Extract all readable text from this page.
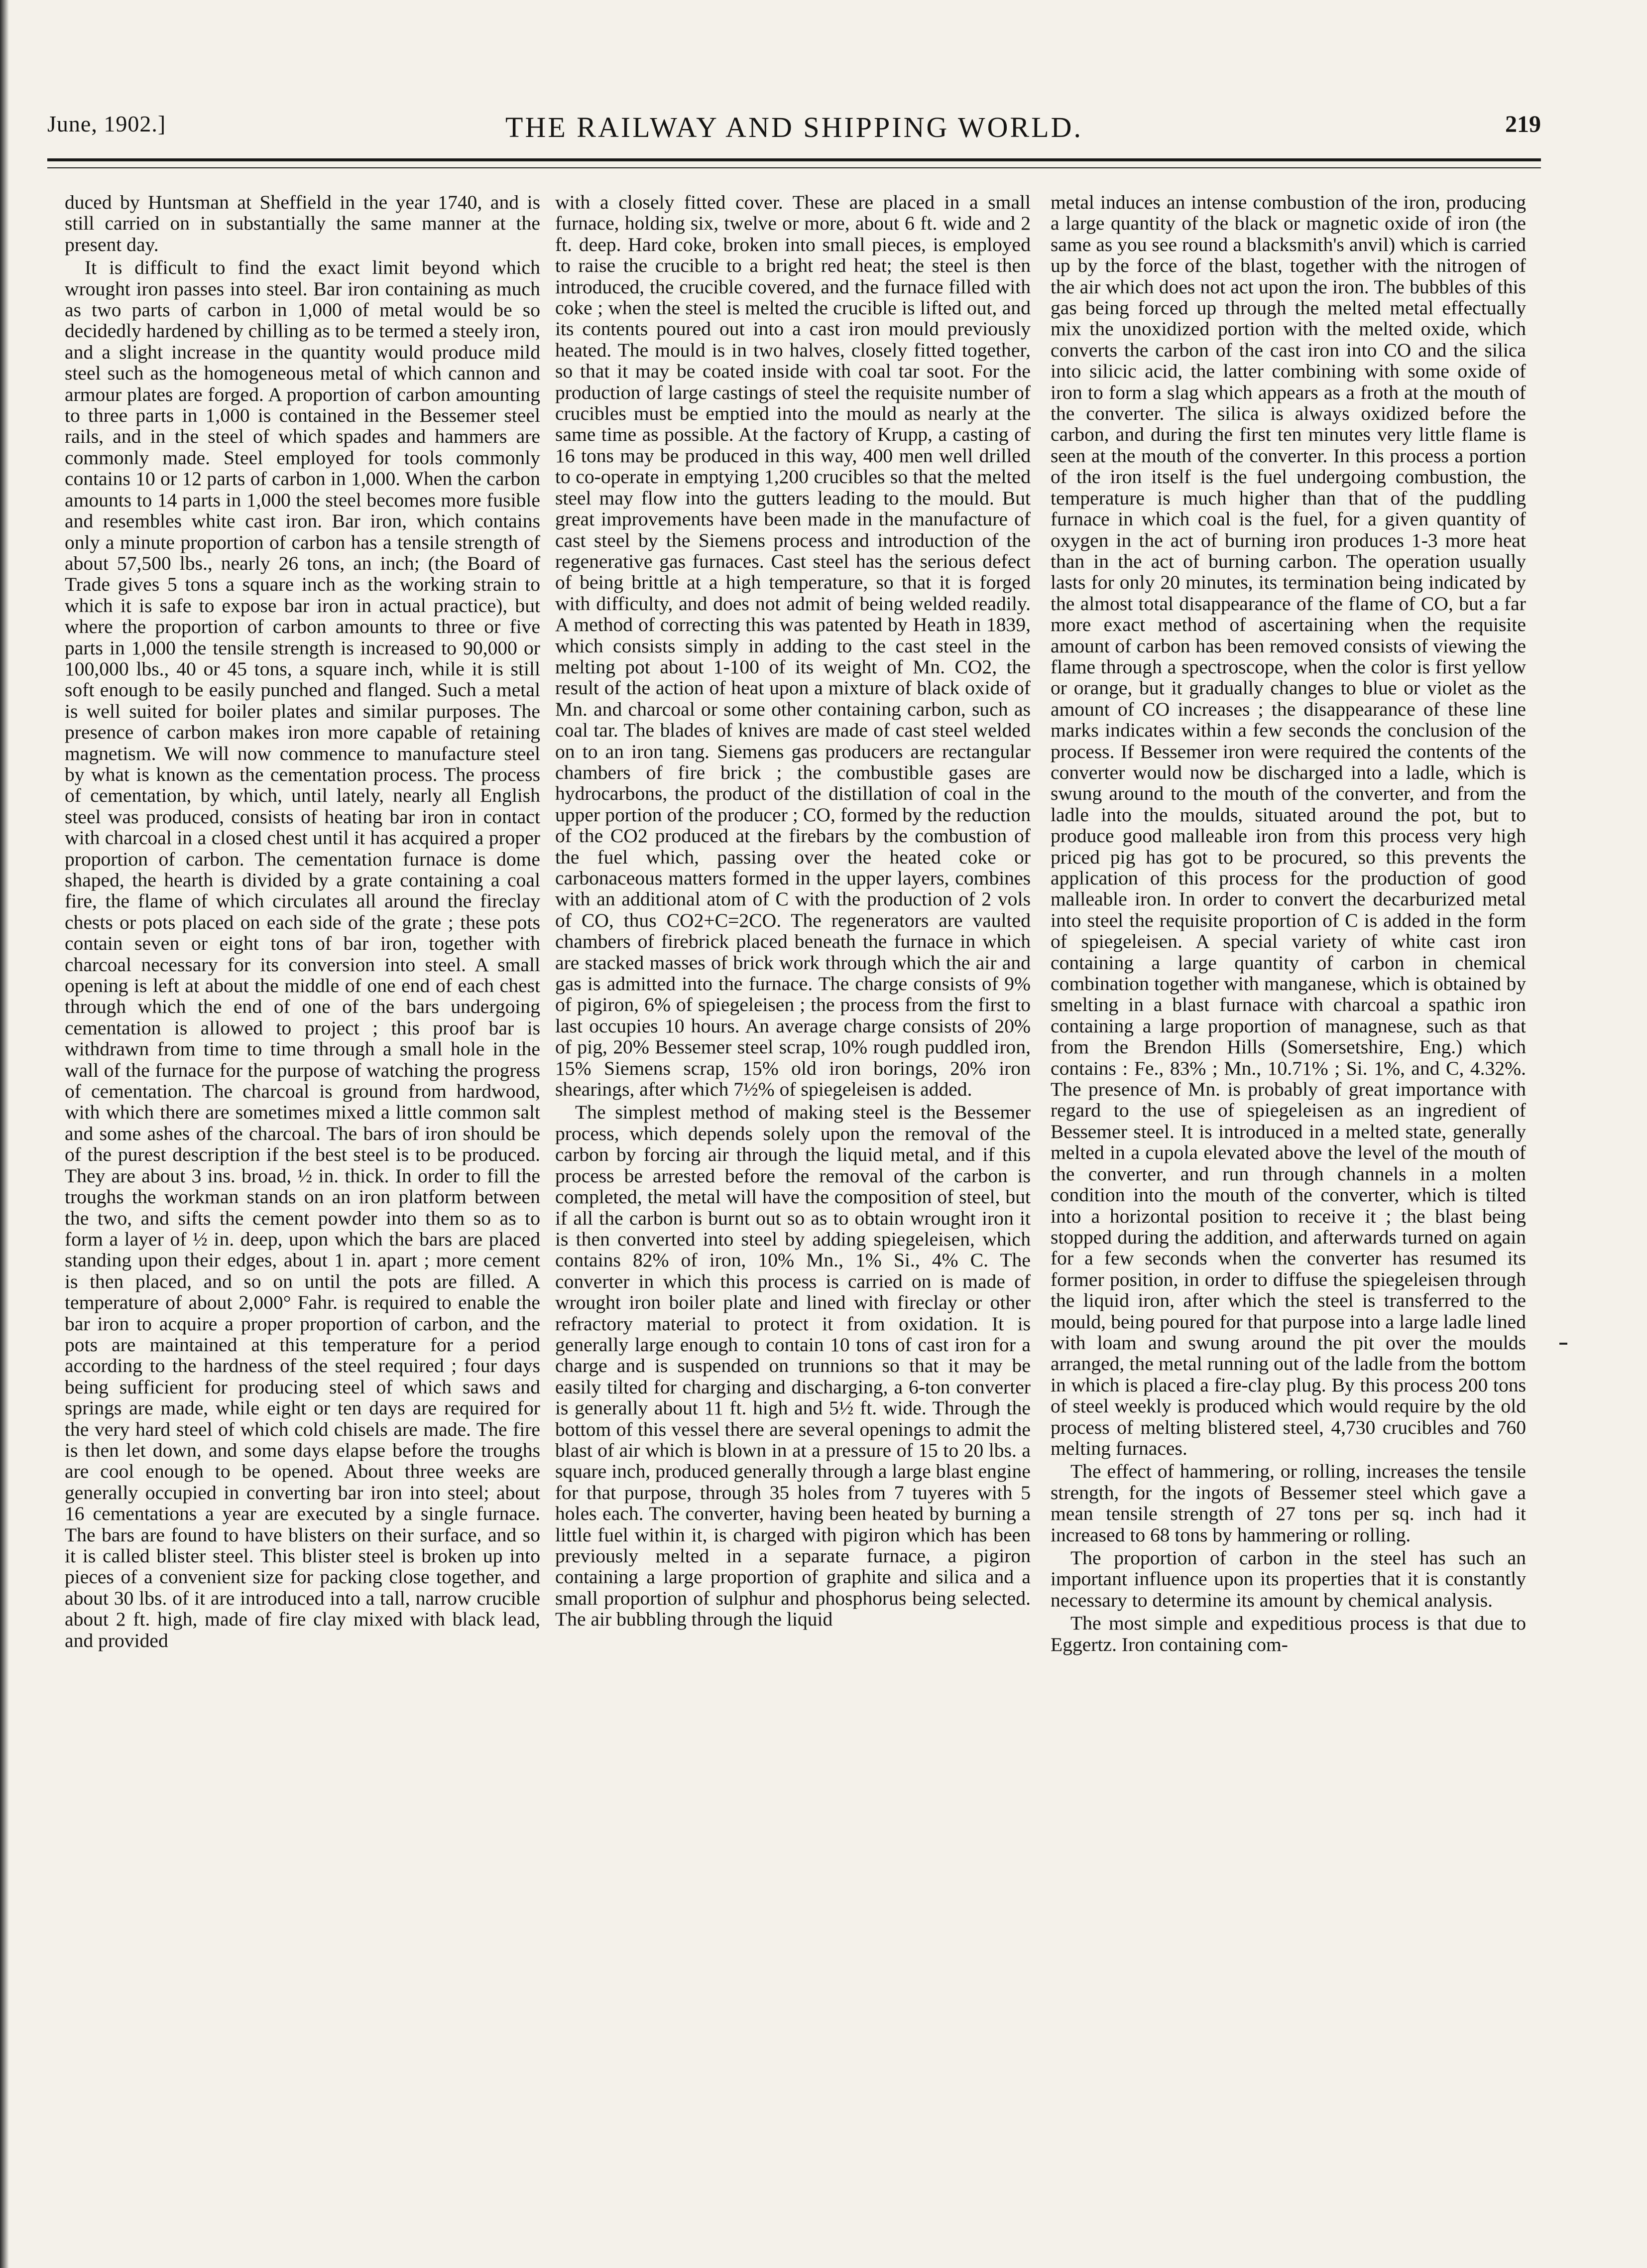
June, 1902.]	THE RAILWAY AND SHIPPING WORLD.	219

duced by Huntsman at Sheffield in the year 1740, and is still carried on in substantially the same manner at the present day.

It is difficult to find the exact limit beyond which wrought iron passes into steel. Bar iron containing as much as two parts of carbon in 1,000 of metal would be so decidedly hardened by chilling as to be termed a steely iron, and a slight increase in the quantity would produce mild steel such as the homogeneous metal of which cannon and armour plates are forged. A proportion of carbon amounting to three parts in 1,000 is contained in the Bessemer steel rails, and in the steel of which spades and hammers are commonly made. Steel employed for tools commonly contains 10 or 12 parts of carbon in 1,000. When the carbon amounts to 14 parts in 1,000 the steel becomes more fusible and resembles white cast iron. Bar iron, which contains only a minute proportion of carbon has a tensile strength of about 57,500 lbs., nearly 26 tons, an inch; (the Board of Trade gives 5 tons a square inch as the working strain to which it is safe to expose bar iron in actual practice), but where the proportion of carbon amounts to three or five parts in 1,000 the tensile strength is increased to 90,000 or 100,000 lbs., 40 or 45 tons, a square inch, while it is still soft enough to be easily punched and flanged. Such a metal is well suited for boiler plates and similar purposes. The presence of carbon makes iron more capable of retaining magnetism. We will now commence to manufacture steel by what is known as the cementation process. The process of cementation, by which, until lately, nearly all English steel was produced, consists of heating bar iron in contact with charcoal in a closed chest until it has acquired a proper proportion of carbon. The cementation furnace is dome shaped, the hearth is divided by a grate containing a coal fire, the flame of which circulates all around the fireclay chests or pots placed on each side of the grate ; these pots contain seven or eight tons of bar iron, together with charcoal necessary for its conversion into steel. A small opening is left at about the middle of one end of each chest through which the end of one of the bars undergoing cementation is allowed to project ; this proof bar is withdrawn from time to time through a small hole in the wall of the furnace for the purpose of watching the progress of cementation. The charcoal is ground from hardwood, with which there are sometimes mixed a little common salt and some ashes of the charcoal. The bars of iron should be of the purest description if the best steel is to be produced. They are about 3 ins. broad, ½ in. thick. In order to fill the troughs the workman stands on an iron platform between the two, and sifts the cement powder into them so as to form a layer of ½ in. deep, upon which the bars are placed standing upon their edges, about 1 in. apart ; more cement is then placed, and so on until the pots are filled. A temperature of about 2,000° Fahr. is required to enable the bar iron to acquire a proper proportion of carbon, and the pots are maintained at this temperature for a period according to the hardness of the steel required ; four days being sufficient for producing steel of which saws and springs are made, while eight or ten days are required for the very hard steel of which cold chisels are made. The fire is then let down, and some days elapse before the troughs are cool enough to be opened. About three weeks are generally occupied in converting bar iron into steel; about 16 cementations a year are executed by a single furnace. The bars are found to have blisters on their surface, and so it is called blister steel. This blister steel is broken up into pieces of a convenient size for packing close together, and about 30 lbs. of it are introduced into a tall, narrow crucible about 2 ft. high, made of fire clay mixed with black lead, and provided

with a closely fitted cover. These are placed in a small furnace, holding six, twelve or more, about 6 ft. wide and 2 ft. deep. Hard coke, broken into small pieces, is employed to raise the crucible to a bright red heat; the steel is then introduced, the crucible covered, and the furnace filled with coke ; when the steel is melted the crucible is lifted out, and its contents poured out into a cast iron mould previously heated. The mould is in two halves, closely fitted together, so that it may be coated inside with coal tar soot. For the production of large castings of steel the requisite number of crucibles must be emptied into the mould as nearly at the same time as possible. At the factory of Krupp, a casting of 16 tons may be produced in this way, 400 men well drilled to co-operate in emptying 1,200 crucibles so that the melted steel may flow into the gutters leading to the mould. But great improvements have been made in the manufacture of cast steel by the Siemens process and introduction of the regenerative gas furnaces. Cast steel has the serious defect of being brittle at a high temperature, so that it is forged with difficulty, and does not admit of being welded readily. A method of correcting this was patented by Heath in 1839, which consists simply in adding to the cast steel in the melting pot about 1-100 of its weight of Mn. CO2, the result of the action of heat upon a mixture of black oxide of Mn. and charcoal or some other containing carbon, such as coal tar. The blades of knives are made of cast steel welded on to an iron tang. Siemens gas producers are rectangular chambers of fire brick ; the combustible gases are hydrocarbons, the product of the distillation of coal in the upper portion of the producer ; CO, formed by the reduction of the CO2 produced at the firebars by the combustion of the fuel which, passing over the heated coke or carbonaceous matters formed in the upper layers, combines with an additional atom of C with the production of 2 vols of CO, thus CO2+C=2CO. The regenerators are vaulted chambers of firebrick placed beneath the furnace in which are stacked masses of brick work through which the air and gas is admitted into the furnace. The charge consists of 9% of pigiron, 6% of spiegeleisen ; the process from the first to last occupies 10 hours. An average charge consists of 20% of pig, 20% Bessemer steel scrap, 10% rough puddled iron, 15% Siemens scrap, 15% old iron borings, 20% iron shearings, after which 7½% of spiegeleisen is added.

The simplest method of making steel is the Bessemer process, which depends solely upon the removal of the carbon by forcing air through the liquid metal, and if this process be arrested before the removal of the carbon is completed, the metal will have the composition of steel, but if all the carbon is burnt out so as to obtain wrought iron it is then converted into steel by adding spiegeleisen, which contains 82% of iron, 10% Mn., 1% Si., 4% C. The converter in which this process is carried on is made of wrought iron boiler plate and lined with fireclay or other refractory material to protect it from oxidation. It is generally large enough to contain 10 tons of cast iron for a charge and is suspended on trunnions so that it may be easily tilted for charging and discharging, a 6-ton converter is generally about 11 ft. high and 5½ ft. wide. Through the bottom of this vessel there are several openings to admit the blast of air which is blown in at a pressure of 15 to 20 lbs. a square inch, produced generally through a large blast engine for that purpose, through 35 holes from 7 tuyeres with 5 holes each. The converter, having been heated by burning a little fuel within it, is charged with pigiron which has been previously melted in a separate furnace, a pigiron containing a large proportion of graphite and silica and a small proportion of sulphur and phosphorus being selected. The air bubbling through the liquid

metal induces an intense combustion of the iron, producing a large quantity of the black or magnetic oxide of iron (the same as you see round a blacksmith's anvil) which is carried up by the force of the blast, together with the nitrogen of the air which does not act upon the iron. The bubbles of this gas being forced up through the melted metal effectually mix the unoxidized portion with the melted oxide, which converts the carbon of the cast iron into CO and the silica into silicic acid, the latter combining with some oxide of iron to form a slag which appears as a froth at the mouth of the converter. The silica is always oxidized before the carbon, and during the first ten minutes very little flame is seen at the mouth of the converter. In this process a portion of the iron itself is the fuel undergoing combustion, the temperature is much higher than that of the puddling furnace in which coal is the fuel, for a given quantity of oxygen in the act of burning iron produces 1-3 more heat than in the act of burning carbon. The operation usually lasts for only 20 minutes, its termination being indicated by the almost total disappearance of the flame of CO, but a far more exact method of ascertaining when the requisite amount of carbon has been removed consists of viewing the flame through a spectroscope, when the color is first yellow or orange, but it gradually changes to blue or violet as the amount of CO increases ; the disappearance of these line marks indicates within a few seconds the conclusion of the process. If Bessemer iron were required the contents of the converter would now be discharged into a ladle, which is swung around to the mouth of the converter, and from the ladle into the moulds, situated around the pot, but to produce good malleable iron from this process very high priced pig has got to be procured, so this prevents the application of this process for the production of good malleable iron. In order to convert the decarburized metal into steel the requisite proportion of C is added in the form of spiegeleisen. A special variety of white cast iron containing a large quantity of carbon in chemical combination together with manganese, which is obtained by smelting in a blast furnace with charcoal a spathic iron containing a large proportion of managnese, such as that from the Brendon Hills (Somersetshire, Eng.) which contains : Fe., 83% ; Mn., 10.71% ; Si. 1%, and C, 4.32%. The presence of Mn. is probably of great importance with regard to the use of spiegeleisen as an ingredient of Bessemer steel. It is introduced in a melted state, generally melted in a cupola elevated above the level of the mouth of the converter, and run through channels in a molten condition into the mouth of the converter, which is tilted into a horizontal position to receive it ; the blast being stopped during the addition, and afterwards turned on again for a few seconds when the converter has resumed its former position, in order to diffuse the spiegeleisen through the liquid iron, after which the steel is transferred to the mould, being poured for that purpose into a large ladle lined with loam and swung around the pit over the moulds arranged, the metal running out of the ladle from the bottom in which is placed a fire-clay plug. By this process 200 tons of steel weekly is produced which would require by the old process of melting blistered steel, 4,730 crucibles and 760 melting furnaces.

The effect of hammering, or rolling, increases the tensile strength, for the ingots of Bessemer steel which gave a mean tensile strength of 27 tons per sq. inch had it increased to 68 tons by hammering or rolling.

The proportion of carbon in the steel has such an important influence upon its properties that it is constantly necessary to determine its amount by chemical analysis.

The most simple and expeditious process is that due to Eggertz. Iron containing com-
